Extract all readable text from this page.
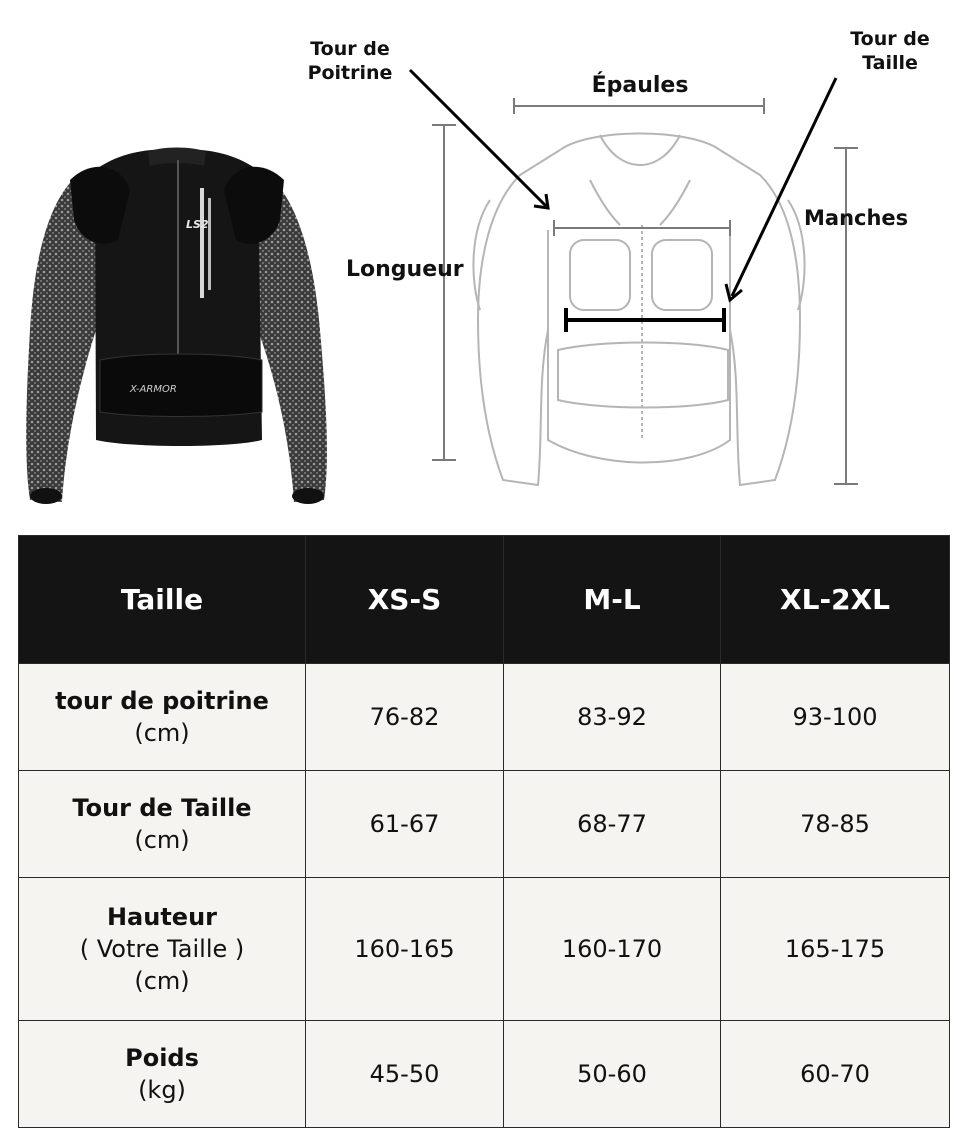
LS2
X-ARMOR
Tour de Poitrine
Tour de Taille
Épaules
Longueur
Manches
Taille	XS-S	M-L	XL-2XL

tour de poitrine
(cm)	76-82	83-92	93-100

Tour de Taille
(cm)	61-67	68-77	78-85

Hauteur
( Votre Taille )
(cm)	160-165	160-170	165-175

Poids
(kg)	45-50	50-60	60-70
